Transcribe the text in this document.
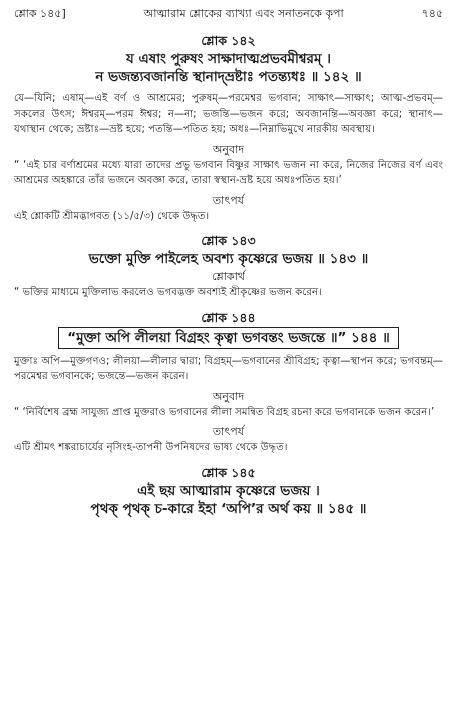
শ্লোক ১৪৫]	আত্মারাম শ্লোকের ব্যাখ্যা এবং সনাতনকে কৃপা	৭৪৫
শ্লোক ১৪২
য এষাং পুরুষং সাক্ষাদাত্মপ্রভবমীশ্বরম্ ।
ন ভজন্ত্যবজানন্তি স্থানাদ্‌ভ্রষ্টাঃ পতন্ত্যধঃ ॥ ১৪২ ॥
যে—যিনি; এষাম্—এই বর্ণ ও আশ্রমের; পুরুষম্—পরমেশ্বর ভগবান; সাক্ষাৎ—সাক্ষাৎ; আত্ম-প্রভবম্—সকলের উৎস; ঈশ্বরম্—পরম ঈশ্বর; ন—না; ভজন্তি—ভজন করে; অবজানন্তি—অবজ্ঞা করে; স্থানাৎ—যথাস্থান থেকে; ভ্রষ্টাঃ—ভ্রষ্ট হয়ে; পতন্তি—পতিত হয়; অধঃ—নিম্নাভিমুখে নারকীয় অবস্থায়।
অনুবাদ
“ ‘এই চার বর্ণাশ্রমের মধ্যে যারা তাদের প্রভু ভগবান বিষ্ণুর সাক্ষাৎ ভজন না করে, নিজের নিজের বর্ণ এবং আশ্রমের অহঙ্কারে তাঁর ভজনে অবজ্ঞা করে, তারা স্বস্থান-ভ্রষ্ট হয়ে অধঃপতিত হয়।’
তাৎপর্য
এই শ্লোকটি শ্রীমদ্ভাগবত (১১/৫/৩) থেকে উদ্ধৃত।
শ্লোক ১৪৩
ভক্তো মুক্তি পাইলেহ অবশ্য কৃষ্ণেরে ভজয় ॥ ১৪৩ ॥
শ্লোকার্থ
“ ভক্তির মাধ্যমে মুক্তিলাভ করলেও ভগবদ্ভক্ত অবশ্যই শ্রীকৃষ্ণের ভজন করেন।
শ্লোক ১৪৪
“মুক্তা অপি লীলয়া বিগ্রহং কৃত্বা ভগবন্তং ভজন্তে ॥” ১৪৪ ॥
মুক্তাঃ অপি—মুক্তগণও; লীলয়া—লীলার দ্বারা; বিগ্রহম্—ভগবানের শ্রীবিগ্রহ; কৃত্বা—স্থাপন করে; ভগবন্তম্—পরমেশ্বর ভগবানকে; ভজন্তে—ভজন করেন।
অনুবাদ
“ ‘নির্বিশেষ ব্রহ্ম সাযুজ্য প্রাপ্ত মুক্তরাও ভগবানের লীলা সমন্বিত বিগ্রহ রচনা করে ভগবানকে ভজন করেন।’
তাৎপর্য
এটি শ্রীমৎ শঙ্করাচার্যের নৃসিংহ-তাপনী উপনিষদের ভাষ্য থেকে উদ্ধৃত।
শ্লোক ১৪৫
এই ছয় আত্মারাম কৃষ্ণেরে ভজয় ।
পৃথক্ পৃথক্ চ-কারে ইহা ‘অপি’র অর্থ কয় ॥ ১৪৫ ॥
